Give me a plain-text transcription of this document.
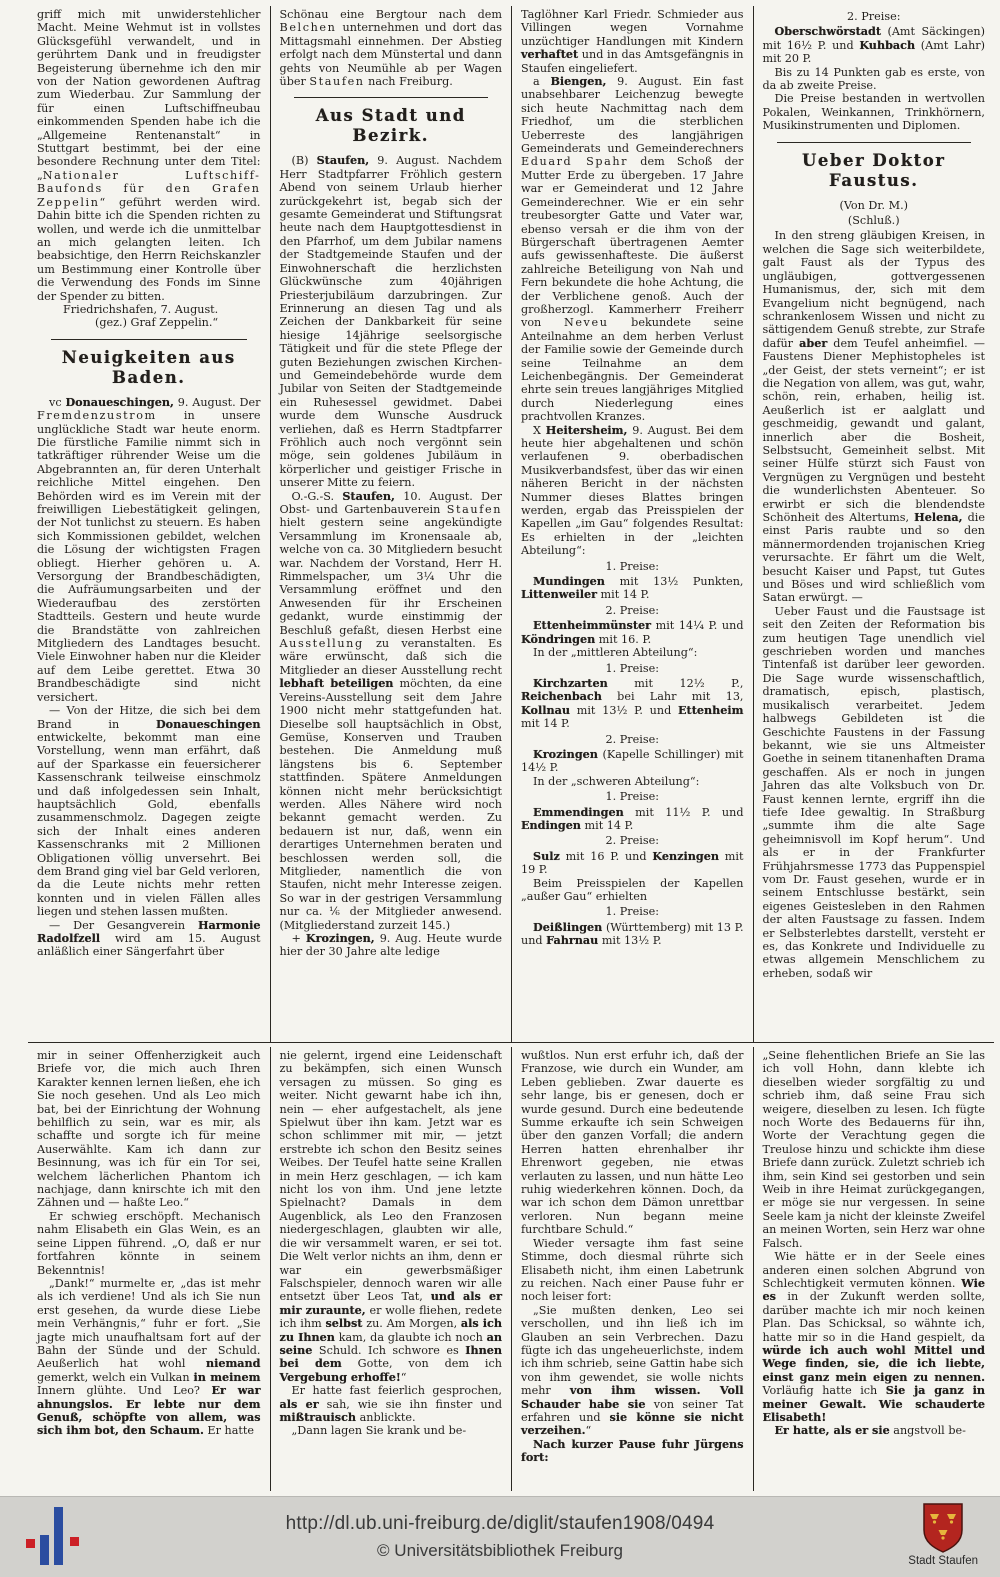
griff mich mit unwiderstehlicher Macht. Meine Wehmut ist in vollstes Glücksgefühl verwandelt, und in gerührtem Dank und in freudigster Begeisterung übernehme ich den mir von der Nation gewordenen Auftrag zum Wiederbau. Zur Sammlung der für einen Luftschiffneubau einkommenden Spenden habe ich die „Allgemeine Rentenanstalt“ in Stuttgart bestimmt, bei der eine besondere Rechnung unter dem Titel: „Nationaler Luftschiff-Baufonds für den Grafen Zeppelin“ geführt werden wird. Dahin bitte ich die Spenden richten zu wollen, und werde ich die unmittelbar an mich gelangten leiten. Ich beabsichtige, den Herrn Reichskanzler um Bestimmung einer Kontrolle über die Verwendung des Fonds im Sinne der Spender zu bitten.
Friedrichshafen, 7. August.
(gez.) Graf Zeppelin.“
Neuigkeiten aus Baden.
vc Donaueschingen, 9. August. Der Fremdenzustrom in unsere unglückliche Stadt war heute enorm. Die fürstliche Familie nimmt sich in tatkräftiger rührender Weise um die Abgebrannten an, für deren Unterhalt reichliche Mittel eingehen. Den Behörden wird es im Verein mit der freiwilligen Liebestätigkeit gelingen, der Not tunlichst zu steuern. Es haben sich Kommissionen gebildet, welchen die Lösung der wichtigsten Fragen obliegt. Hierher gehören u. A. Versorgung der Brandbeschädigten, die Aufräumungsarbeiten und der Wiederaufbau des zerstörten Stadtteils. Gestern und heute wurde die Brandstätte von zahlreichen Mitgliedern des Landtages besucht. Viele Einwohner haben nur die Kleider auf dem Leibe gerettet. Etwa 30 Brandbeschädigte sind nicht versichert.
— Von der Hitze, die sich bei dem Brand in Donaueschingen entwickelte, bekommt man eine Vorstellung, wenn man erfährt, daß auf der Sparkasse ein feuersicherer Kassenschrank teilweise einschmolz und daß infolgedessen sein Inhalt, hauptsächlich Gold, ebenfalls zusammenschmolz. Dagegen zeigte sich der Inhalt eines anderen Kassenschranks mit 2 Millionen Obligationen völlig unversehrt. Bei dem Brand ging viel bar Geld verloren, da die Leute nichts mehr retten konnten und in vielen Fällen alles liegen und stehen lassen mußten.
— Der Gesangverein Harmonie Radolfzell wird am 15. August anläßlich einer Sängerfahrt über
Schönau eine Bergtour nach dem Belchen unternehmen und dort das Mittagsmahl einnehmen. Der Abstieg erfolgt nach dem Münstertal und dann gehts von Neumühle ab per Wagen über Staufen nach Freiburg.
Aus Stadt und Bezirk.
(B) Staufen, 9. August. Nachdem Herr Stadtpfarrer Fröhlich gestern Abend von seinem Urlaub hierher zurückgekehrt ist, begab sich der gesamte Gemeinderat und Stiftungsrat heute nach dem Hauptgottesdienst in den Pfarrhof, um dem Jubilar namens der Stadtgemeinde Staufen und der Einwohnerschaft die herzlichsten Glückwünsche zum 40jährigen Priesterjubiläum darzubringen. Zur Erinnerung an diesen Tag und als Zeichen der Dankbarkeit für seine hiesige 14jährige seelsorgische Tätigkeit und für die stete Pflege der guten Beziehungen zwischen Kirchen- und Gemeindebehörde wurde dem Jubilar von Seiten der Stadtgemeinde ein Ruhesessel gewidmet. Dabei wurde dem Wunsche Ausdruck verliehen, daß es Herrn Stadtpfarrer Fröhlich auch noch vergönnt sein möge, sein goldenes Jubiläum in körperlicher und geistiger Frische in unserer Mitte zu feiern.
O.-G.-S. Staufen, 10. August. Der Obst- und Gartenbauverein Staufen hielt gestern seine angekündigte Versammlung im Kronensaale ab, welche von ca. 30 Mitgliedern besucht war. Nachdem der Vorstand, Herr H. Rimmelspacher, um 3¼ Uhr die Versammlung eröffnet und den Anwesenden für ihr Erscheinen gedankt, wurde einstimmig der Beschluß gefaßt, diesen Herbst eine Ausstellung zu veranstalten. Es wäre erwünscht, daß sich die Mitglieder an dieser Ausstellung recht lebhaft beteiligen möchten, da eine Vereins-Ausstellung seit dem Jahre 1900 nicht mehr stattgefunden hat. Dieselbe soll hauptsächlich in Obst, Gemüse, Konserven und Trauben bestehen. Die Anmeldung muß längstens bis 6. September stattfinden. Spätere Anmeldungen können nicht mehr berücksichtigt werden. Alles Nähere wird noch bekannt gemacht werden. Zu bedauern ist nur, daß, wenn ein derartiges Unternehmen beraten und beschlossen werden soll, die Mitglieder, namentlich die von Staufen, nicht mehr Interesse zeigen. So war in der gestrigen Versammlung nur ca. ⅙ der Mitglieder anwesend. (Mitgliederstand zurzeit 145.)
+ Krozingen, 9. Aug. Heute wurde hier der 30 Jahre alte ledige
Taglöhner Karl Friedr. Schmieder aus Villingen wegen Vornahme unzüchtiger Handlungen mit Kindern verhaftet und in das Amtsgefängnis in Staufen eingeliefert.
a Biengen, 9. August. Ein fast unabsehbarer Leichenzug bewegte sich heute Nachmittag nach dem Friedhof, um die sterblichen Ueberreste des langjährigen Gemeinderats und Gemeinderechners Eduard Spahr dem Schoß der Mutter Erde zu übergeben. 17 Jahre war er Gemeinderat und 12 Jahre Gemeinderechner. Wie er ein sehr treubesorgter Gatte und Vater war, ebenso versah er die ihm von der Bürgerschaft übertragenen Aemter aufs gewissenhafteste. Die äußerst zahlreiche Beteiligung von Nah und Fern bekundete die hohe Achtung, die der Verblichene genoß. Auch der großherzogl. Kammerherr Freiherr von Neveu bekundete seine Anteilnahme an dem herben Verlust der Familie sowie der Gemeinde durch seine Teilnahme an dem Leichenbegängnis. Der Gemeinderat ehrte sein treues langjähriges Mitglied durch Niederlegung eines prachtvollen Kranzes.
X Heitersheim, 9. August. Bei dem heute hier abgehaltenen und schön verlaufenen 9. oberbadischen Musikverbandsfest, über das wir einen näheren Bericht in der nächsten Nummer dieses Blattes bringen werden, ergab das Preisspielen der Kapellen „im Gau“ folgendes Resultat: Es erhielten in der „leichten Abteilung“:
1. Preise:
Mundingen mit 13½ Punkten, Littenweiler mit 14 P.
2. Preise:
Ettenheimmünster mit 14¼ P. und Köndringen mit 16. P.
In der „mittleren Abteilung“:
1. Preise:
Kirchzarten mit 12½ P., Reichenbach bei Lahr mit 13, Kollnau mit 13½ P. und Ettenheim mit 14 P.
2. Preise:
Krozingen (Kapelle Schillinger) mit 14½ P.
In der „schweren Abteilung“:
1. Preise:
Emmendingen mit 11½ P. und Endingen mit 14 P.
2. Preise:
Sulz mit 16 P. und Kenzingen mit 19 P.
Beim Preisspielen der Kapellen „außer Gau“ erhielten
1. Preise:
Deißlingen (Württemberg) mit 13 P. und Fahrnau mit 13½ P.
2. Preise:
Oberschwörstadt (Amt Säckingen) mit 16½ P. und Kuhbach (Amt Lahr) mit 20 P.
Bis zu 14 Punkten gab es erste, von da ab zweite Preise.
Die Preise bestanden in wertvollen Pokalen, Weinkannen, Trinkhörnern, Musikinstrumenten und Diplomen.
Ueber Doktor Faustus.
(Von Dr. M.)
(Schluß.)
In den streng gläubigen Kreisen, in welchen die Sage sich weiterbildete, galt Faust als der Typus des ungläubigen, gottvergessenen Humanismus, der, sich mit dem Evangelium nicht begnügend, nach schrankenlosem Wissen und nicht zu sättigendem Genuß strebte, zur Strafe dafür aber dem Teufel anheimfiel. — Faustens Diener Mephistopheles ist „der Geist, der stets verneint“; er ist die Negation von allem, was gut, wahr, schön, rein, erhaben, heilig ist. Aeußerlich ist er aalglatt und geschmeidig, gewandt und galant, innerlich aber die Bosheit, Selbstsucht, Gemeinheit selbst. Mit seiner Hülfe stürzt sich Faust von Vergnügen zu Vergnügen und besteht die wunderlichsten Abenteuer. So erwirbt er sich die blendendste Schönheit des Altertums, Helena, die einst Paris raubte und so den männermordenden trojanischen Krieg verursachte. Er fährt um die Welt, besucht Kaiser und Papst, tut Gutes und Böses und wird schließlich vom Satan erwürgt. —
Ueber Faust und die Faustsage ist seit den Zeiten der Reformation bis zum heutigen Tage unendlich viel geschrieben worden und manches Tintenfaß ist darüber leer geworden. Die Sage wurde wissenschaftlich, dramatisch, episch, plastisch, musikalisch verarbeitet. Jedem halbwegs Gebildeten ist die Geschichte Faustens in der Fassung bekannt, wie sie uns Altmeister Goethe in seinem titanenhaften Drama geschaffen. Als er noch in jungen Jahren das alte Volksbuch von Dr. Faust kennen lernte, ergriff ihn die tiefe Idee gewaltig. In Straßburg „summte ihm die alte Sage geheimnisvoll im Kopf herum“. Und als er in der Frankfurter Frühjahrsmesse 1773 das Puppenspiel vom Dr. Faust gesehen, wurde er in seinem Entschlusse bestärkt, sein eigenes Geistesleben in den Rahmen der alten Faustsage zu fassen. Indem er Selbsterlebtes darstellt, versteht er es, das Konkrete und Individuelle zu etwas allgemein Menschlichem zu erheben, sodaß wir
mir in seiner Offenherzigkeit auch Briefe vor, die mich auch Ihren Karakter kennen lernen ließen, ehe ich Sie noch gesehen. Und als Leo mich bat, bei der Einrichtung der Wohnung behilflich zu sein, war es mir, als schaffte und sorgte ich für meine Auserwählte. Kam ich dann zur Besinnung, was ich für ein Tor sei, welchem lächerlichen Phantom ich nachjage, dann knirschte ich mit den Zähnen und — haßte Leo.“
Er schwieg erschöpft. Mechanisch nahm Elisabeth ein Glas Wein, es an seine Lippen führend. „O, daß er nur fortfahren könnte in seinem Bekenntnis!
„Dank!“ murmelte er, „das ist mehr als ich verdiene! Und als ich Sie nun erst gesehen, da wurde diese Liebe mein Verhängnis,“ fuhr er fort. „Sie jagte mich unaufhaltsam fort auf der Bahn der Sünde und der Schuld. Aeußerlich hat wohl niemand gemerkt, welch ein Vulkan in meinem Innern glühte. Und Leo? Er war ahnungslos. Er lebte nur dem Genuß, schöpfte von allem, was sich ihm bot, den Schaum. Er hatte
nie gelernt, irgend eine Leidenschaft zu bekämpfen, sich einen Wunsch versagen zu müssen. So ging es weiter. Nicht gewarnt habe ich ihn, nein — eher aufgestachelt, als jene Spielwut über ihn kam. Jetzt war es schon schlimmer mit mir, — jetzt erstrebte ich schon den Besitz seines Weibes. Der Teufel hatte seine Krallen in mein Herz geschlagen, — ich kam nicht los von ihm. Und jene letzte Spielnacht? Damals in dem Augenblick, als Leo den Franzosen niedergeschlagen, glaubten wir alle, die wir versammelt waren, er sei tot. Die Welt verlor nichts an ihm, denn er war ein gewerbsmäßiger Falschspieler, dennoch waren wir alle entsetzt über Leos Tat, und als er mir zuraunte, er wolle fliehen, redete ich ihm selbst zu. Am Morgen, als ich zu Ihnen kam, da glaubte ich noch an seine Schuld. Ich schwore es Ihnen bei dem Gotte, von dem ich Vergebung erhoffe!“
Er hatte fast feierlich gesprochen, als er sah, wie sie ihn finster und mißtrauisch anblickte.
„Dann lagen Sie krank und be-
wußtlos. Nun erst erfuhr ich, daß der Franzose, wie durch ein Wunder, am Leben geblieben. Zwar dauerte es sehr lange, bis er genesen, doch er wurde gesund. Durch eine bedeutende Summe erkaufte ich sein Schweigen über den ganzen Vorfall; die andern Herren hatten ehrenhalber ihr Ehrenwort gegeben, nie etwas verlauten zu lassen, und nun hätte Leo ruhig wiederkehren können. Doch, da war ich schon dem Dämon unrettbar verloren. Nun begann meine furchtbare Schuld.“
Wieder versagte ihm fast seine Stimme, doch diesmal rührte sich Elisabeth nicht, ihm einen Labetrunk zu reichen. Nach einer Pause fuhr er noch leiser fort:
„Sie mußten denken, Leo sei verschollen, und ihn ließ ich im Glauben an sein Verbrechen. Dazu fügte ich das ungeheuerlichste, indem ich ihm schrieb, seine Gattin habe sich von ihm gewendet, sie wolle nichts mehr von ihm wissen. Voll Schauder habe sie von seiner Tat erfahren und sie könne sie nicht verzeihen.“
Nach kurzer Pause fuhr Jürgens fort:
„Seine flehentlichen Briefe an Sie las ich voll Hohn, dann klebte ich dieselben wieder sorgfältig zu und schrieb ihm, daß seine Frau sich weigere, dieselben zu lesen. Ich fügte noch Worte des Bedauerns für ihn, Worte der Verachtung gegen die Treulose hinzu und schickte ihm diese Briefe dann zurück. Zuletzt schrieb ich ihm, sein Kind sei gestorben und sein Weib in ihre Heimat zurückgegangen, er möge sie nur vergessen. In seine Seele kam ja nicht der kleinste Zweifel an meinen Worten, sein Herz war ohne Falsch.
Wie hätte er in der Seele eines anderen einen solchen Abgrund von Schlechtigkeit vermuten können. Wie es in der Zukunft werden sollte, darüber machte ich mir noch keinen Plan. Das Schicksal, so wähnte ich, hatte mir so in die Hand gespielt, da würde ich auch wohl Mittel und Wege finden, sie, die ich liebte, einst ganz mein eigen zu nennen. Vorläufig hatte ich Sie ja ganz in meiner Gewalt. Wie schauderte Elisabeth!
Er hatte, als er sie angstvoll be-
http://dl.ub.uni-freiburg.de/diglit/staufen1908/0494
© Universitätsbibliothek Freiburg
Stadt Staufen
